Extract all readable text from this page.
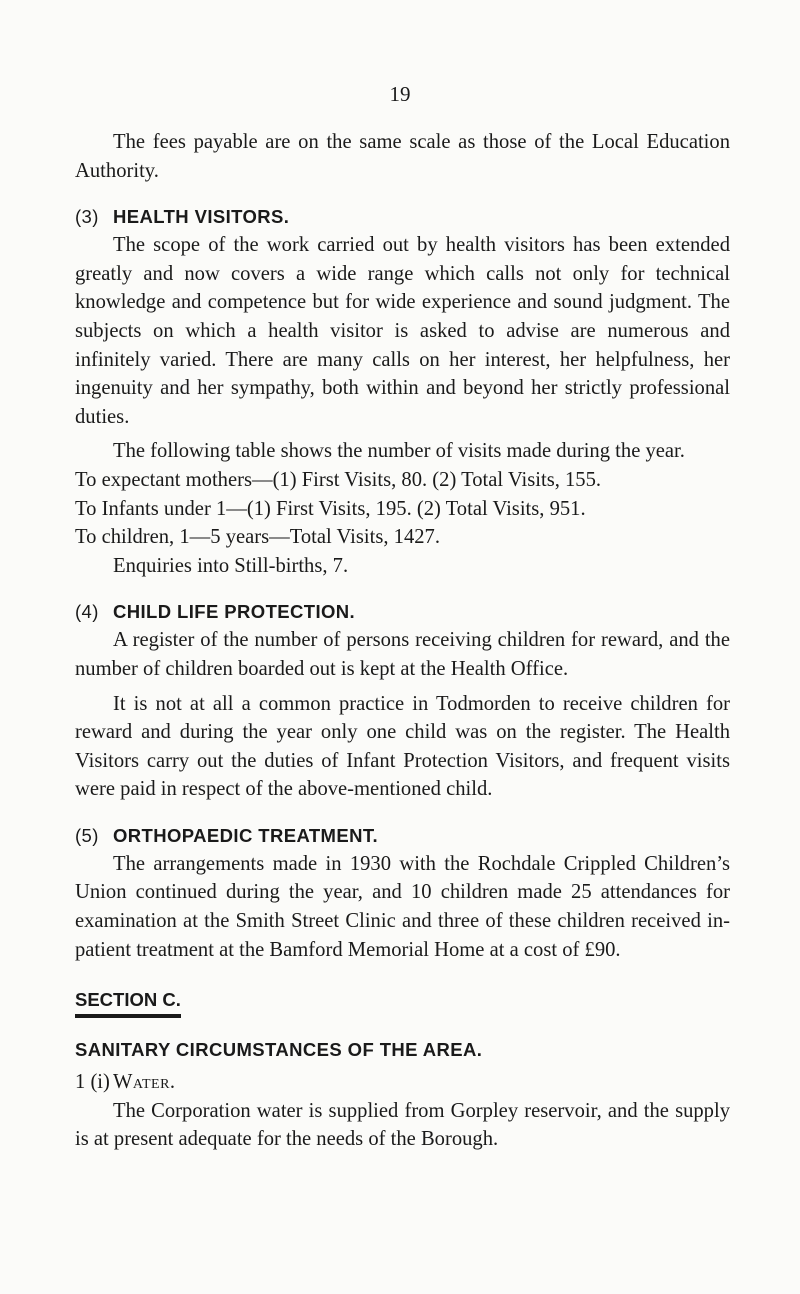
19

The fees payable are on the same scale as those of the Local Education Authority.

(3) HEALTH VISITORS.

The scope of the work carried out by health visitors has been extended greatly and now covers a wide range which calls not only for technical knowledge and competence but for wide experience and sound judgment. The subjects on which a health visitor is asked to advise are numerous and infinitely varied. There are many calls on her interest, her helpfulness, her ingenuity and her sympathy, both within and beyond her strictly professional duties.

The following table shows the number of visits made during the year.

To expectant mothers—(1) First Visits, 80. (2) Total Visits, 155.

To Infants under 1—(1) First Visits, 195. (2) Total Visits, 951.

To children, 1—5 years—Total Visits, 1427.

Enquiries into Still-births, 7.

(4) CHILD LIFE PROTECTION.

A register of the number of persons receiving children for reward, and the number of children boarded out is kept at the Health Office.

It is not at all a common practice in Todmorden to receive children for reward and during the year only one child was on the register. The Health Visitors carry out the duties of Infant Protection Visitors, and frequent visits were paid in respect of the above-mentioned child.

(5) ORTHOPAEDIC TREATMENT.

The arrangements made in 1930 with the Rochdale Crippled Children’s Union continued during the year, and 10 children made 25 attendances for examination at the Smith Street Clinic and three of these children received in-patient treatment at the Bamford Memorial Home at a cost of £90.

SECTION C.
SANITARY CIRCUMSTANCES OF THE AREA.
1 (i) Water.

The Corporation water is supplied from Gorpley reservoir, and the supply is at present adequate for the needs of the Borough.
